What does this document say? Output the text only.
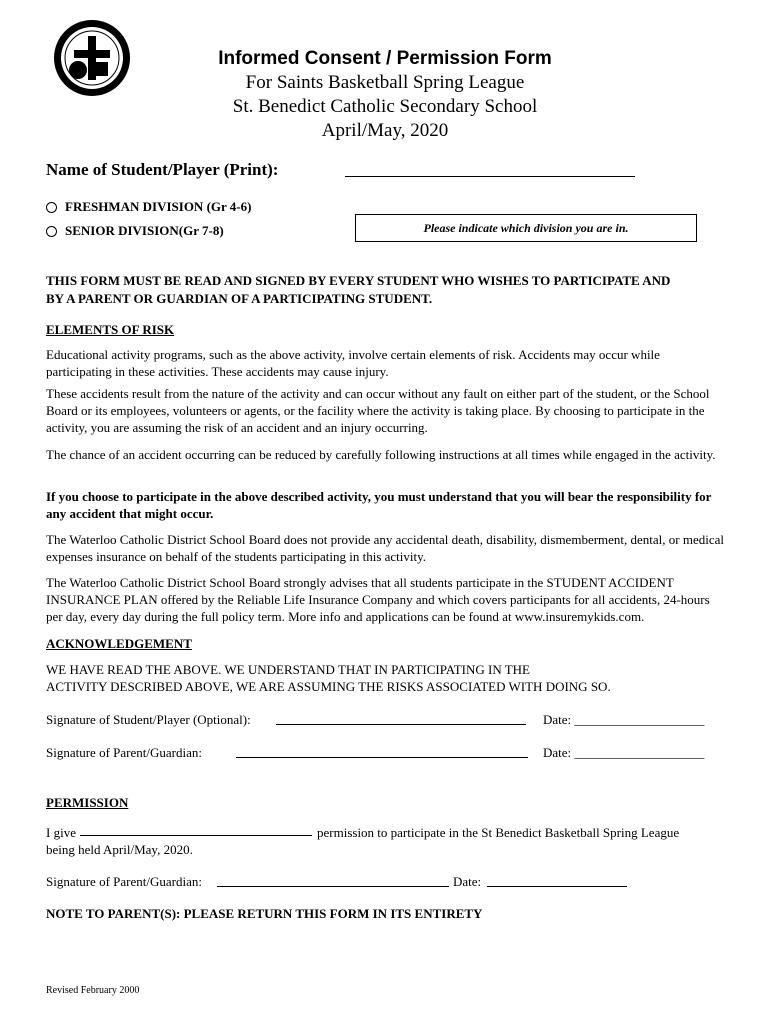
Informed Consent / Permission Form
For Saints Basketball Spring League
St. Benedict Catholic Secondary School
April/May, 2020
Name of Student/Player (Print):
FRESHMAN DIVISION (Gr 4-6)
SENIOR DIVISION(Gr 7-8)	Please indicate which division you are in.
THIS FORM MUST BE READ AND SIGNED BY EVERY STUDENT WHO WISHES TO PARTICIPATE AND
BY A PARENT OR GUARDIAN OF A PARTICIPATING STUDENT.
ELEMENTS OF RISK
Educational activity programs, such as the above activity, involve certain elements of risk. Accidents may occur while participating in these activities. These accidents may cause injury.
These accidents result from the nature of the activity and can occur without any fault on either part of the student, or the School Board or its employees, volunteers or agents, or the facility where the activity is taking place. By choosing to participate in the activity, you are assuming the risk of an accident and an injury occurring.
The chance of an accident occurring can be reduced by carefully following instructions at all times while engaged in the activity.
If you choose to participate in the above described activity, you must understand that you will bear the responsibility for any accident that might occur.
The Waterloo Catholic District School Board does not provide any accidental death, disability, dismemberment, dental, or medical expenses insurance on behalf of the students participating in this activity.
The Waterloo Catholic District School Board strongly advises that all students participate in the STUDENT ACCIDENT INSURANCE PLAN offered by the Reliable Life Insurance Company and which covers participants for all accidents, 24-hours per day, every day during the full policy term. More info and applications can be found at www.insuremykids.com.
ACKNOWLEDGEMENT
WE HAVE READ THE ABOVE. WE UNDERSTAND THAT IN PARTICIPATING IN THE
ACTIVITY DESCRIBED ABOVE, WE ARE ASSUMING THE RISKS ASSOCIATED WITH DOING SO.
Signature of Student/Player (Optional):	Date: ____________________
Signature of Parent/Guardian:	Date: ____________________
PERMISSION
I give	permission to participate in the St Benedict Basketball Spring League
being held April/May, 2020.
Signature of Parent/Guardian:	Date:
NOTE TO PARENT(S): PLEASE RETURN THIS FORM IN ITS ENTIRETY
Revised February 2000
